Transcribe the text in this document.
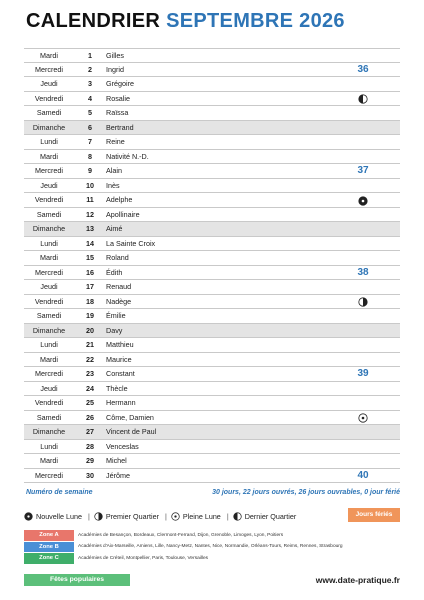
CALENDRIER SEPTEMBRE 2026
Mardi	1	Gilles
Mercredi	2	Ingrid	36
Jeudi	3	Grégoire
Vendredi	4	Rosalie
Samedi	5	Raïssa
Dimanche	6	Bertrand
Lundi	7	Reine
Mardi	8	Nativité N.-D.
Mercredi	9	Alain	37
Jeudi	10	Inès
Vendredi	11	Adelphe
Samedi	12	Apollinaire
Dimanche	13	Aimé
Lundi	14	La Sainte Croix
Mardi	15	Roland
Mercredi	16	Édith	38
Jeudi	17	Renaud
Vendredi	18	Nadège
Samedi	19	Émilie
Dimanche	20	Davy
Lundi	21	Matthieu
Mardi	22	Maurice
Mercredi	23	Constant	39
Jeudi	24	Thècle
Vendredi	25	Hermann
Samedi	26	Côme, Damien
Dimanche	27	Vincent de Paul
Lundi	28	Venceslas
Mardi	29	Michel
Mercredi	30	Jérôme	40
Numéro de semaine	30 jours, 22 jours ouvrés, 26 jours ouvrables, 0 jour férié
Nouvelle Lune | Premier Quartier | Pleine Lune | Dernier Quartier	Jours fériés
Zone A	Académies de Besançon, Bordeaux, Clermont-Ferrand, Dijon, Grenoble, Limoges, Lyon, Poitiers
Zone B	Académies d'Aix-Marseille, Amiens, Lille, Nancy-Metz, Nantes, Nice, Normandie, Orléans-Tours, Reims, Rennes, Strasbourg
Zone C	Académies de Créteil, Montpellier, Paris, Toulouse, Versailles
Fêtes populaires	www.date-pratique.fr
